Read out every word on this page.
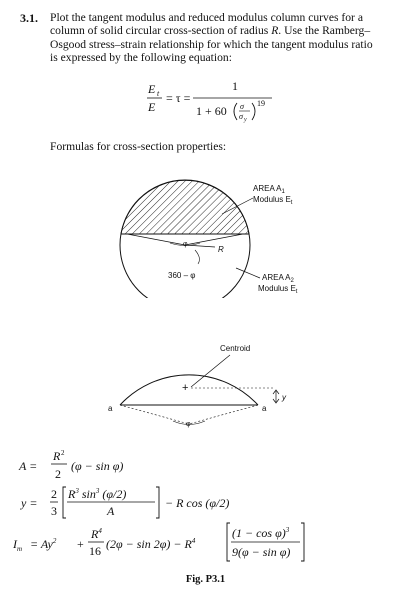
3.1. Plot the tangent modulus and reduced modulus column curves for a

column of solid circular cross-section of radius R. Use the Ramberg–

Osgood stress–strain relationship for which the tangent modulus ratio

is expressed by the following equation:

E t
E
= τ =
1
1 + 60 σ
σ y
19
Formulas for cross-section properties:
R
φ
360 – φ
AREA $A_1$
Modulus $E_t$
AREA $A_2$
Modulus $E_t$
Centroid
φ
+
a	a
y
A =
R 2
2
(φ − sin φ)
y =
2
3
$R^3$ $\sin^3 (\varphi/2)$
A
− R cos (φ/2)
$I_m = Ay^2$ +
$R^4$
16 $(2\varphi - \sin 2\varphi) - R^4$
$(1 - \cos \varphi)^3$
9(φ − sin φ)
Fig. P3.1
